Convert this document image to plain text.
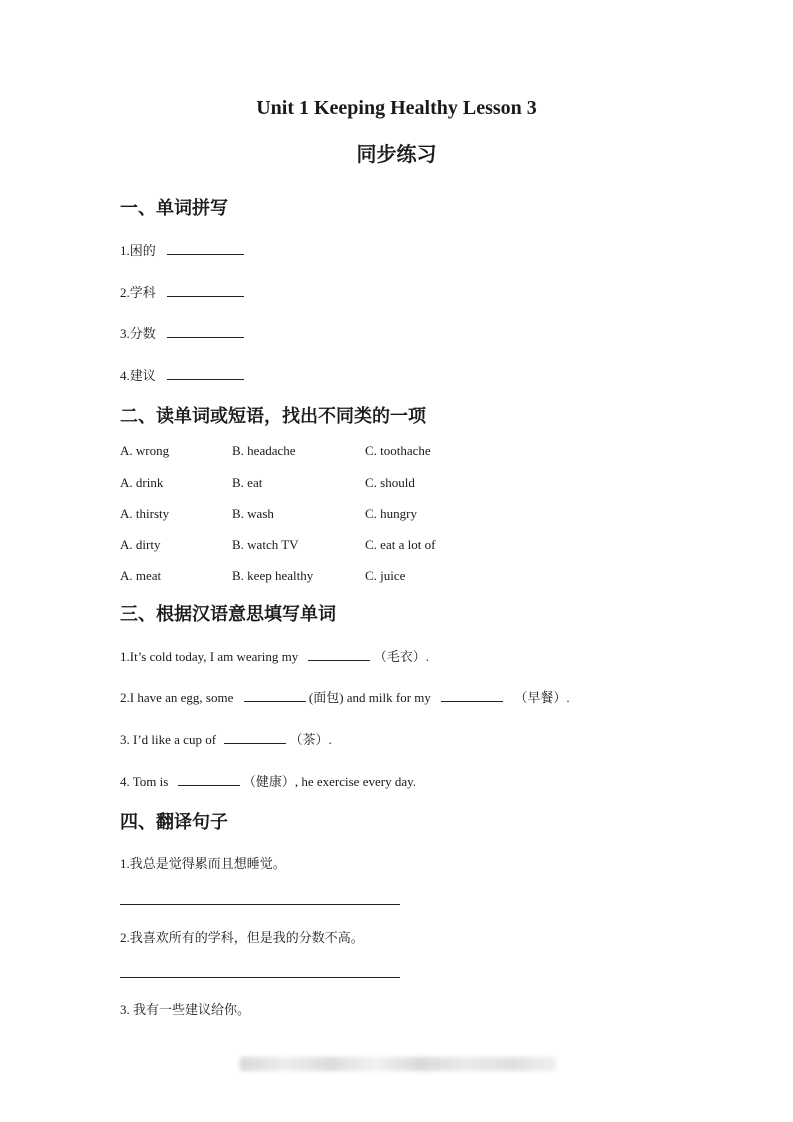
Unit 1 Keeping Healthy Lesson 3
同步练习
一、单词拼写
1.困的
2.学科
3.分数
4.建议
二、读单词或短语，找出不同类的一项
A. wrong	B. headache	C. toothache
A. drink	B. eat	C. should
A. thirsty	B. wash	C. hungry
A. dirty	B. watch TV	C. eat a lot of
A. meat	B. keep healthy	C. juice
三、根据汉语意思填写单词
1.It’s cold today, I am wearing my	（毛衣）.
2.I have an egg, some	(面包) and milk for my	（早餐）.
3. I’d like a cup of	（茶）.
4. Tom is	（健康）, he exercise every day.
四、翻译句子
1.我总是觉得累而且想睡觉。
2.我喜欢所有的学科，但是我的分数不高。
3. 我有一些建议给你。
